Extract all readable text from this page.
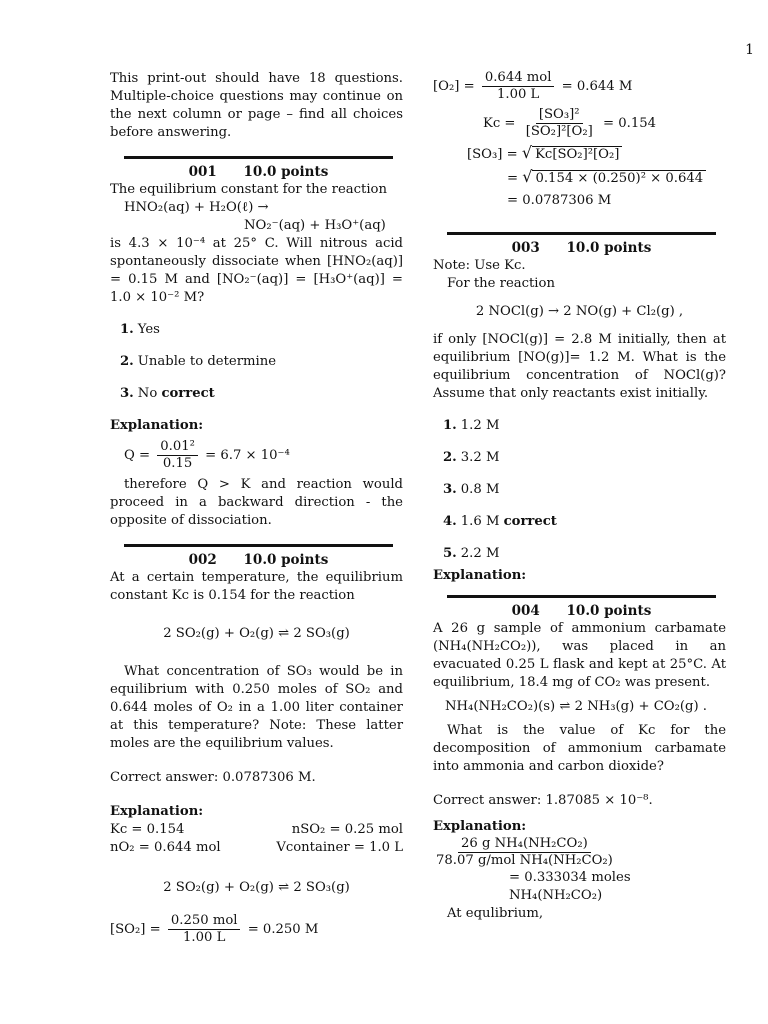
1

This print-out should have 18 questions. Multiple-choice questions may continue on the next column or page – find all choices before answering.

001 10.0 points

The equilibrium constant for the reaction

HNO₂(aq) + H₂O(ℓ) →

NO₂⁻(aq) + H₃O⁺(aq)

is 4.3 × 10⁻⁴ at 25° C. Will nitrous acid spontaneously dissociate when [HNO₂(aq)] = 0.15 M and [NO₂⁻(aq)] = [H₃O⁺(aq)] = 1.0 × 10⁻² M?

1. Yes
2. Unable to determine
3. No correct

Explanation:

$Q = \frac{\text{0.01²}}{0.15} = 6.7 \times 10^{-4}$

therefore Q > K and reaction would proceed in a backward direction - the opposite of dissociation.

002 10.0 points

At a certain temperature, the equilibrium constant Kc is 0.154 for the reaction

2 SO₂(g) + O₂(g) ⇌ 2 SO₃(g)

What concentration of SO₃ would be in equilibrium with 0.250 moles of SO₂ and 0.644 moles of O₂ in a 1.00 liter container at this temperature? Note: These latter moles are the equilibrium values.

Correct answer: 0.0787306 M.

Explanation:

Kc = 0.154	nSO₂ = 0.25 mol
nO₂ = 0.644 mol	Vcontainer = 1.0 L

2 SO₂(g) + O₂(g) ⇌ 2 SO₃(g)

$[SO_2] = \frac{\text{0.250 mol}}{1.00 L} = 0.250$ M
$[O_2] = \frac{\text{0.644 mol}}{1.00 L} = 0.644$ M
$Kc = \frac{\text{[SO₃]²}}{\text{[SO₂]²[O₂]}} = 0.154$
[SO₃] = √ Kc[SO₂]²[O₂]
= √ 0.154 × (0.250)² × 0.644

= 0.0787306 M

003 10.0 points

Note: Use Kc.

For the reaction

2 NOCl(g) → 2 NO(g) + Cl₂(g) ,

if only [NOCl(g)] = 2.8 M initially, then at equilibrium [NO(g)]= 1.2 M. What is the equilibrium concentration of NOCl(g)? Assume that only reactants exist initially.

1. 1.2 M
2. 3.2 M
3. 0.8 M
4. 1.6 M correct
5. 2.2 M

Explanation:

004 10.0 points

A 26 g sample of ammonium carbamate (NH₄(NH₂CO₂)), was placed in an evacuated 0.25 L flask and kept at 25°C. At equilibrium, 18.4 mg of CO₂ was present.

NH₄(NH₂CO₂)(s) ⇌ 2 NH₃(g) + CO₂(g) .

What is the value of Kc for the decomposition of ammonium carbamate into ammonia and carbon dioxide?

Correct answer: 1.87085 × 10⁻⁸.

Explanation:

$\frac{\text{26 g NH₄(NH₂CO₂)}}{\text{78.07 g/mol NH₄(NH₂CO₂)}}$

= 0.333034 moles NH₄(NH₂CO₂)

At equlibrium,
